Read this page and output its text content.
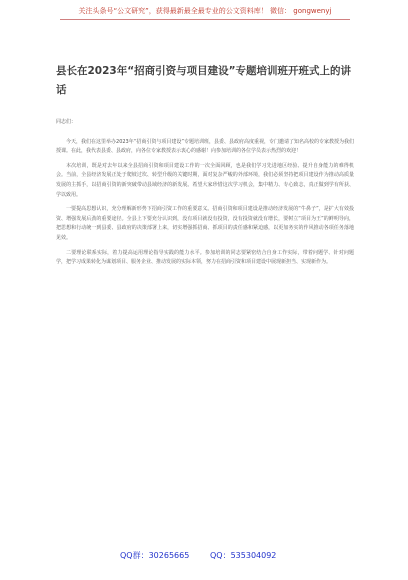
关注头条号“公文研究”，获得最新最全最专业的公文资料库！ 微信： gongwenyj
县长在2023年“招商引资与项目建设”专题培训班开班式上的讲话

同志们：

今天，我们在这里举办2023年“招商引资与项目建设”专题培训班，县委、县政府高度重视，专门邀请了知名高校的专家教授为我们授课。在此，我代表县委、县政府，向各位专家教授表示衷心的感谢！向参加培训的各位学员表示热烈的欢迎！

本次培训，既是对去年以来全县招商引资和项目建设工作的一次全面回顾，也是我们学习先进地区经验、提升自身能力的难得机会。当前，全县经济发展正处于爬坡过坎、转型升级的关键时期，面对复杂严峻的外部环境，我们必须坚持把项目建设作为推动高质量发展的主抓手，以招商引资的新突破带动县域经济的新发展。希望大家珍惜这次学习机会，集中精力、专心致志，真正做到学有所获、学以致用。

一要提高思想认识，充分理解新形势下招商引资工作的重要意义。招商引资和项目建设是推动经济发展的“牛鼻子”，是扩大有效投资、增强发展后劲的重要途径。全县上下要充分认识到，没有项目就没有投资，没有投资就没有增长，要树立“项目为王”的鲜明导向，把思想和行动统一到县委、县政府的决策部署上来，切实增强抓招商、抓项目的责任感和紧迫感，以更加务实的作风推动各项任务落地见效。

二要理论联系实际，着力提高运用理论指导实践的能力水平。参加培训的同志要紧密结合自身工作实际，带着问题学、针对问题学，把学习成果转化为谋划项目、服务企业、推动发展的实际本领，努力在招商引资和项目建设中展现新担当、实现新作为。

QQ群：30265665	QQ：535304092
